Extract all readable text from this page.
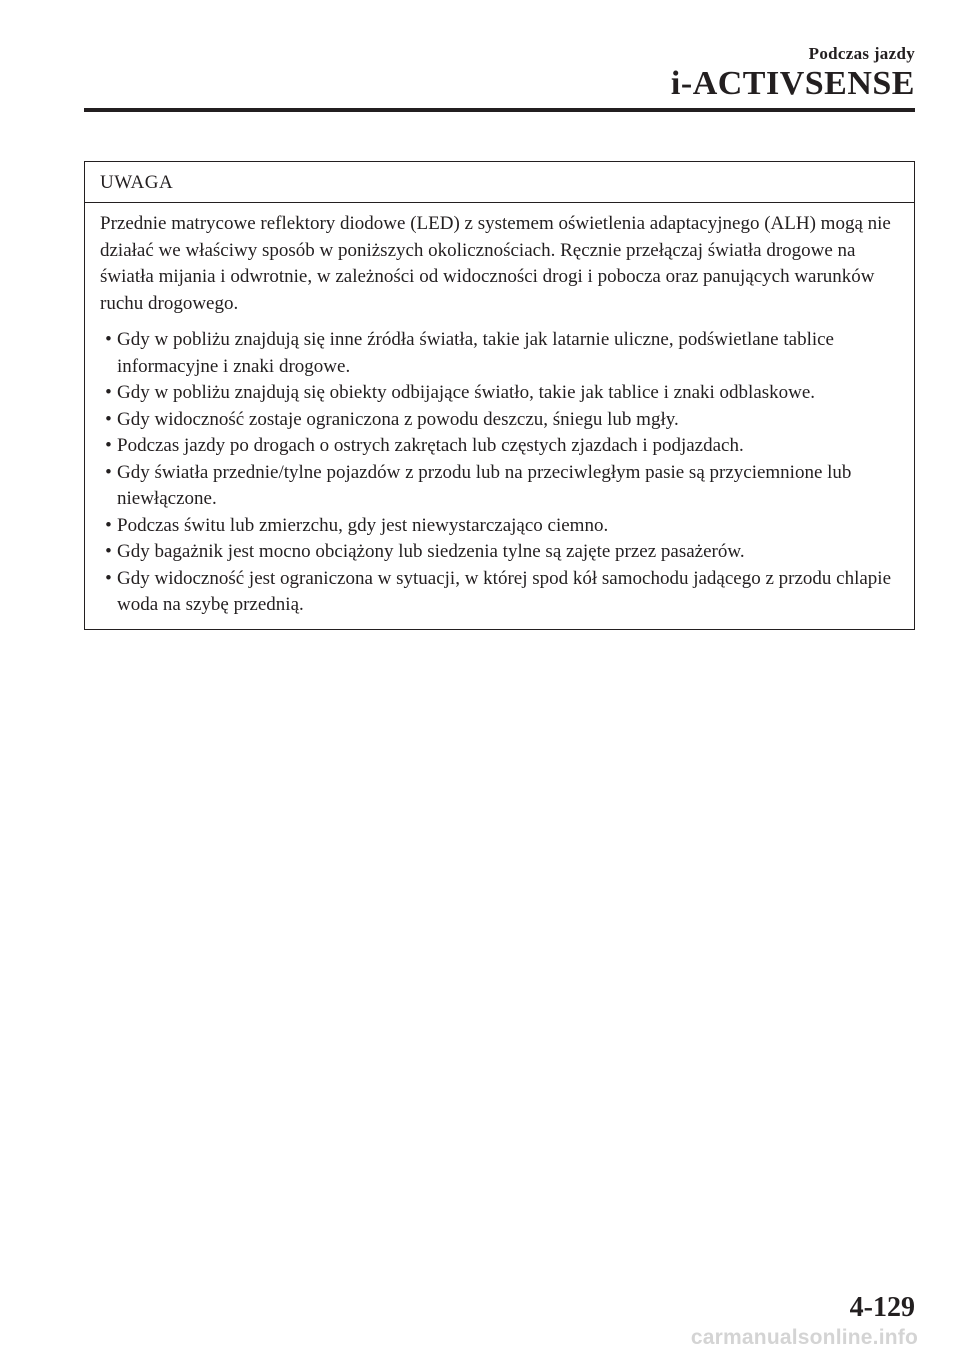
Podczas jazdy
i-ACTIVSENSE
UWAGA

Przednie matrycowe reflektory diodowe (LED) z systemem oświetlenia adaptacyjnego (ALH) mogą nie działać we właściwy sposób w poniższych okolicznościach. Ręcznie przełączaj światła drogowe na światła mijania i odwrotnie, w zależności od widoczności drogi i pobocza oraz panujących warunków ruchu drogowego.

• Gdy w pobliżu znajdują się inne źródła światła, takie jak latarnie uliczne, podświetlane tablice informacyjne i znaki drogowe.
• Gdy w pobliżu znajdują się obiekty odbijające światło, takie jak tablice i znaki odblaskowe.
• Gdy widoczność zostaje ograniczona z powodu deszczu, śniegu lub mgły.
• Podczas jazdy po drogach o ostrych zakrętach lub częstych zjazdach i podjazdach.
• Gdy światła przednie/tylne pojazdów z przodu lub na przeciwległym pasie są przyciemnione lub niewłączone.
• Podczas świtu lub zmierzchu, gdy jest niewystarczająco ciemno.
• Gdy bagażnik jest mocno obciążony lub siedzenia tylne są zajęte przez pasażerów.
• Gdy widoczność jest ograniczona w sytuacji, w której spod kół samochodu jadącego z przodu chlapie woda na szybę przednią.
4-129
carmanualsonline.info
